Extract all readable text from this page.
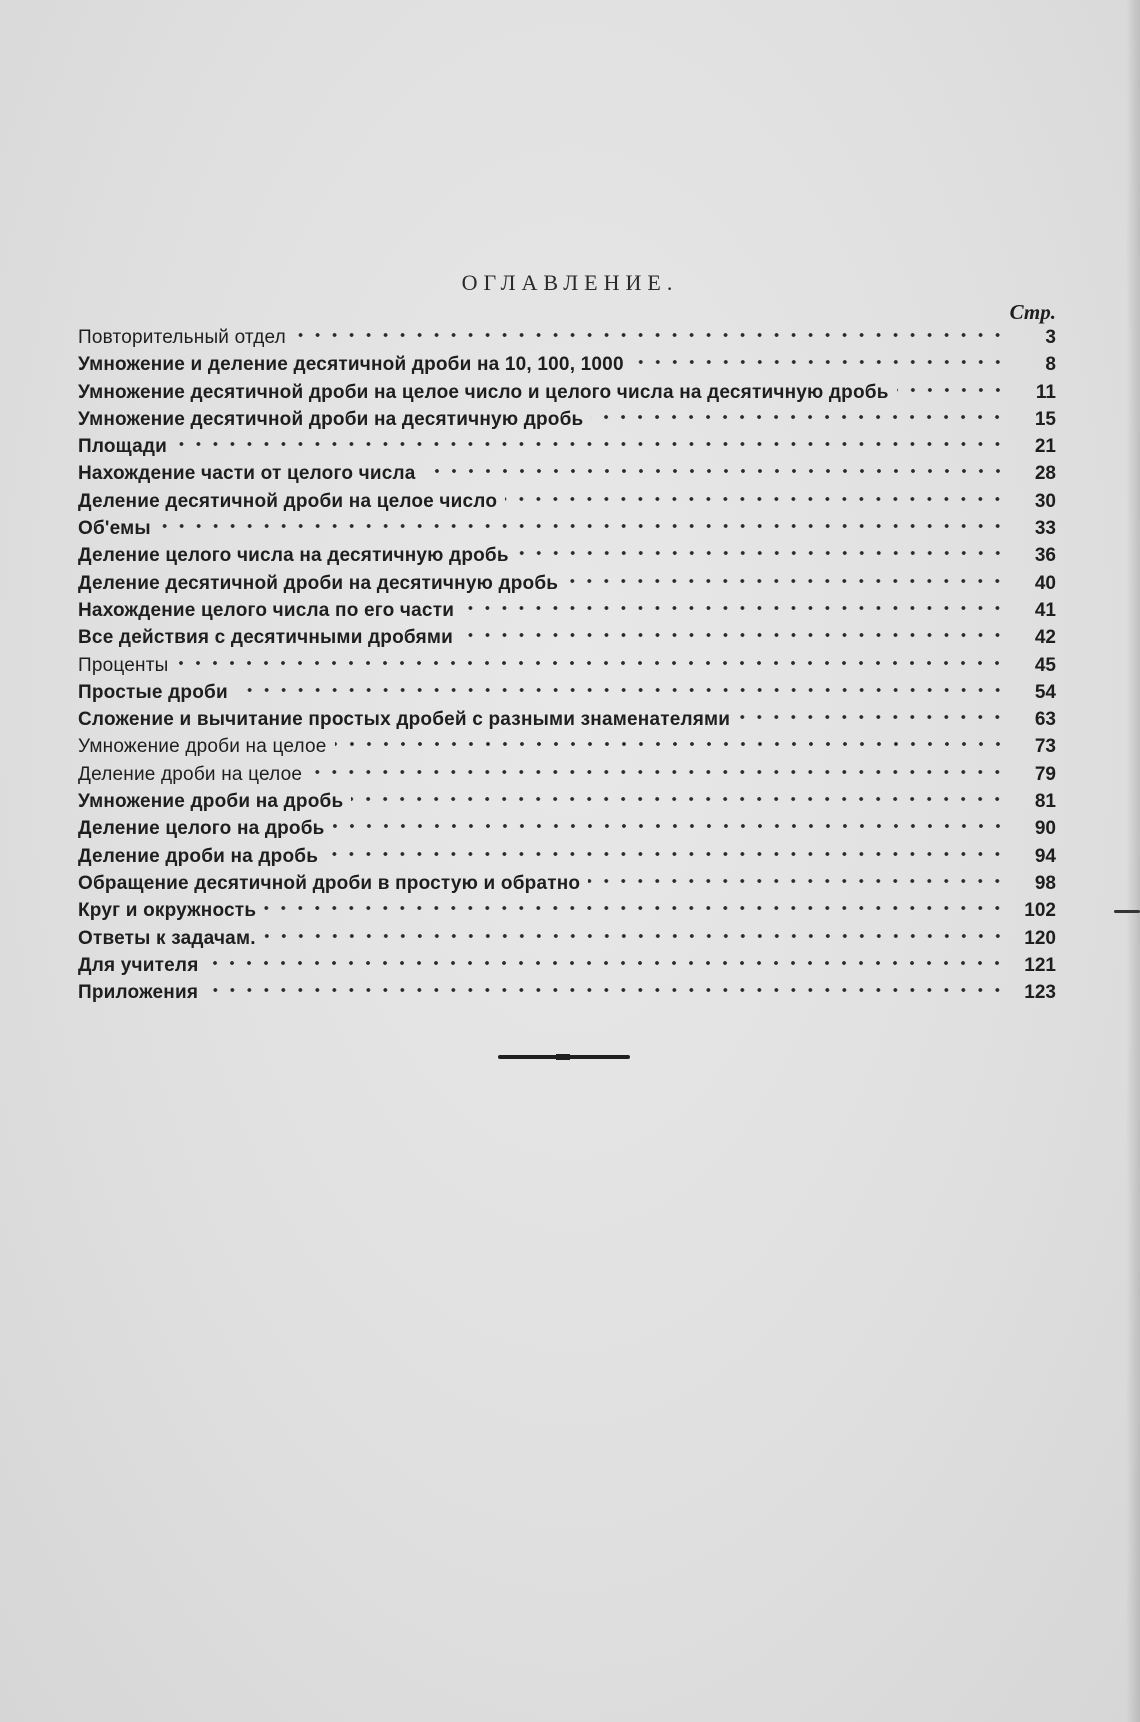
ОГЛАВЛЕНИЕ.
Стр.
Повторительный отдел	3
Умножение и деление десятичной дроби на 10, 100, 1000	8
Умножение десятичной дроби на целое число и целого числа на десятичную дробь	11
Умножение десятичной дроби на десятичную дробь	15
Площади	21
Нахождение части от целого числа	28
Деление десятичной дроби на целое число	30
Об'емы	33
Деление целого числа на десятичную дробь	36
Деление десятичной дроби на десятичную дробь	40
Нахождение целого числа по его части	41
Все действия с десятичными дробями	42
Проценты	45
Простые дроби	54
Сложение и вычитание простых дробей с разными знаменателями	63
Умножение дроби на целое	73
Деление дроби на целое	79
Умножение дроби на дробь	81
Деление целого на дробь	90
Деление дроби на дробь	94
Обращение десятичной дроби в простую и обратно	98
Круг и окружность	102
Ответы к задачам.	120
Для учителя	121
Приложения	123
